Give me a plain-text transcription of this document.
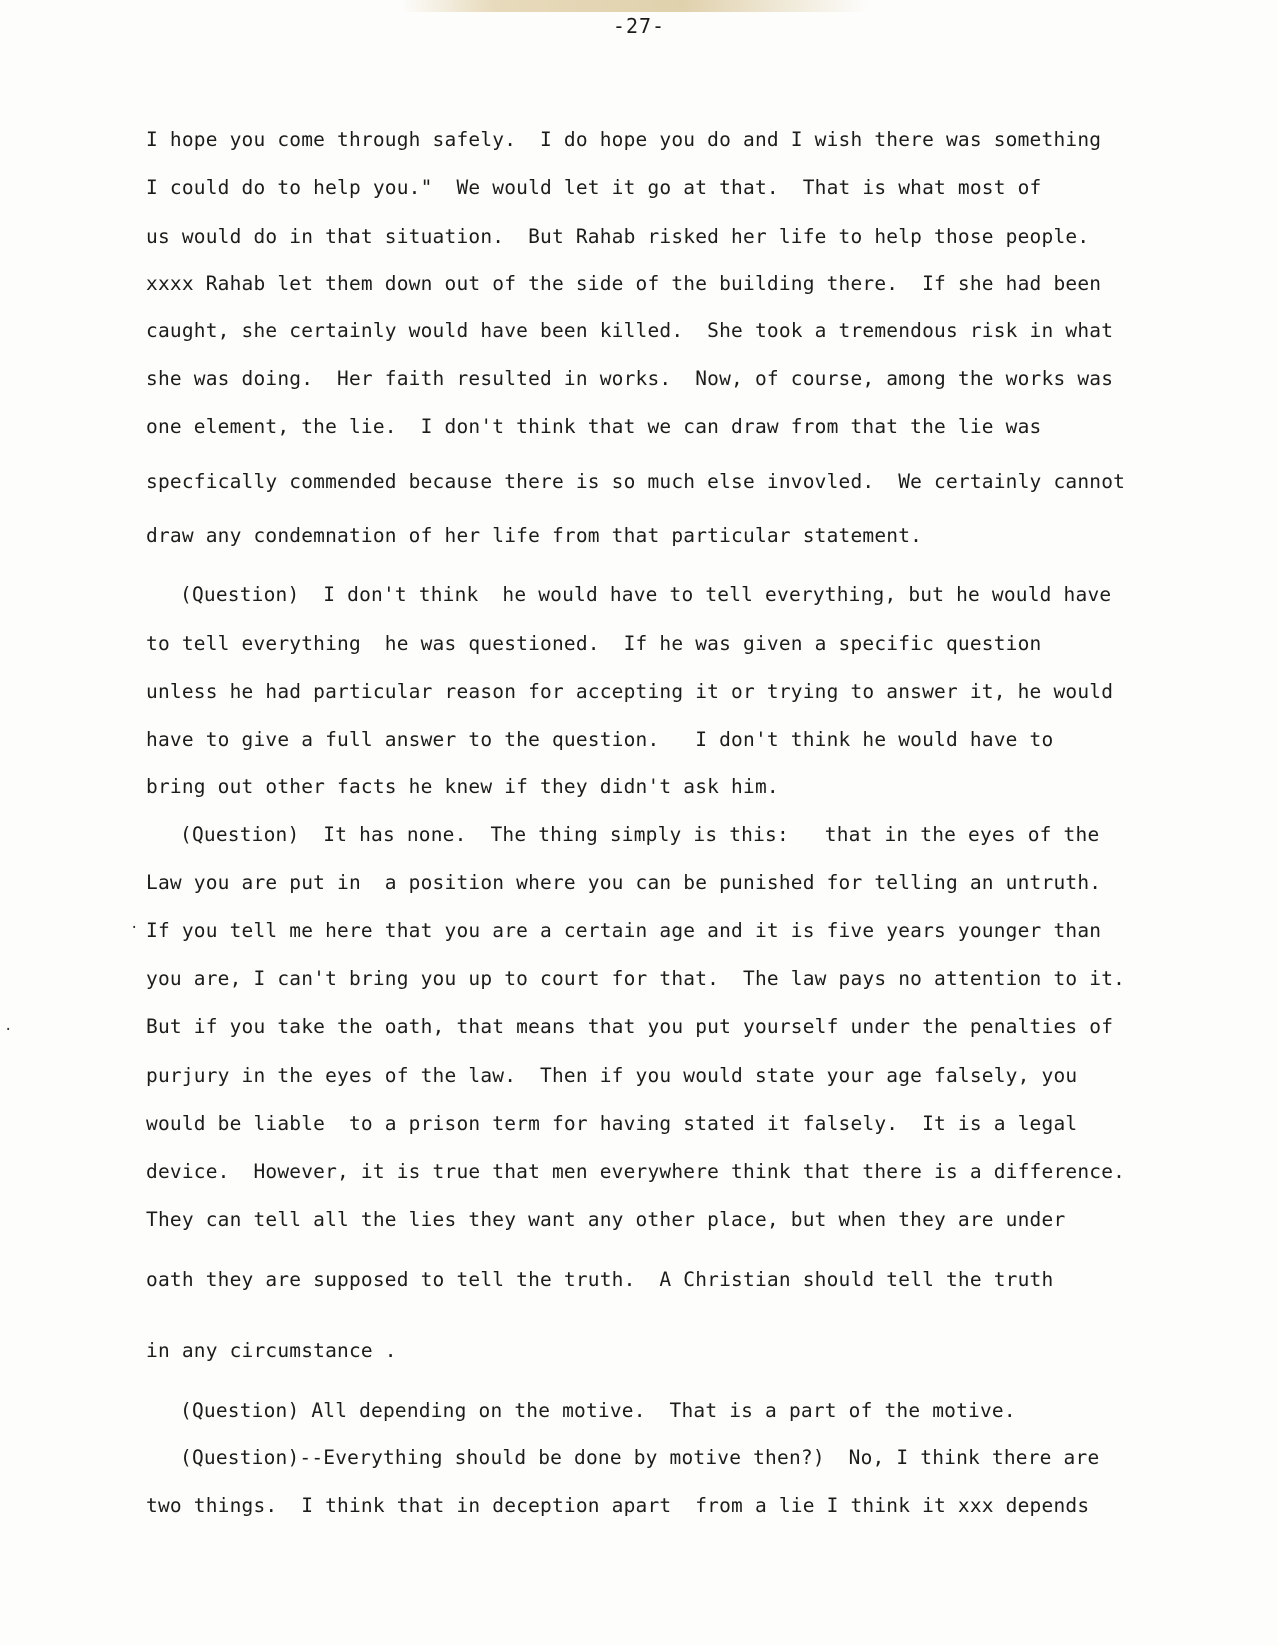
-27-
I hope you come through safely.  I do hope you do and I wish there was something
I could do to help you."  We would let it go at that.  That is what most of
us would do in that situation.  But Rahab risked her life to help those people.
xxxx Rahab let them down out of the side of the building there.  If she had been
caught, she certainly would have been killed.  She took a tremendous risk in what
she was doing.  Her faith resulted in works.  Now, of course, among the works was
one element, the lie.  I don't think that we can draw from that the lie was
specfically commended because there is so much else invovled.  We certainly cannot
draw any condemnation of her life from that particular statement.
(Question)  I don't think  he would have to tell everything, but he would have
to tell everything  he was questioned.  If he was given a specific question
unless he had particular reason for accepting it or trying to answer it, he would
have to give a full answer to the question.   I don't think he would have to
bring out other facts he knew if they didn't ask him.
(Question)  It has none.  The thing simply is this:   that in the eyes of the
Law you are put in  a position where you can be punished for telling an untruth.
If you tell me here that you are a certain age and it is five years younger than
you are, I can't bring you up to court for that.  The law pays no attention to it.
But if you take the oath, that means that you put yourself under the penalties of
purjury in the eyes of the law.  Then if you would state your age falsely, you
would be liable  to a prison term for having stated it falsely.  It is a legal
device.  However, it is true that men everywhere think that there is a difference.
They can tell all the lies they want any other place, but when they are under
oath they are supposed to tell the truth.  A Christian should tell the truth
in any circumstance .
(Question) All depending on the motive.  That is a part of the motive.
(Question)--Everything should be done by motive then?)  No, I think there are
two things.  I think that in deception apart  from a lie I think it xxx depends
·
·
